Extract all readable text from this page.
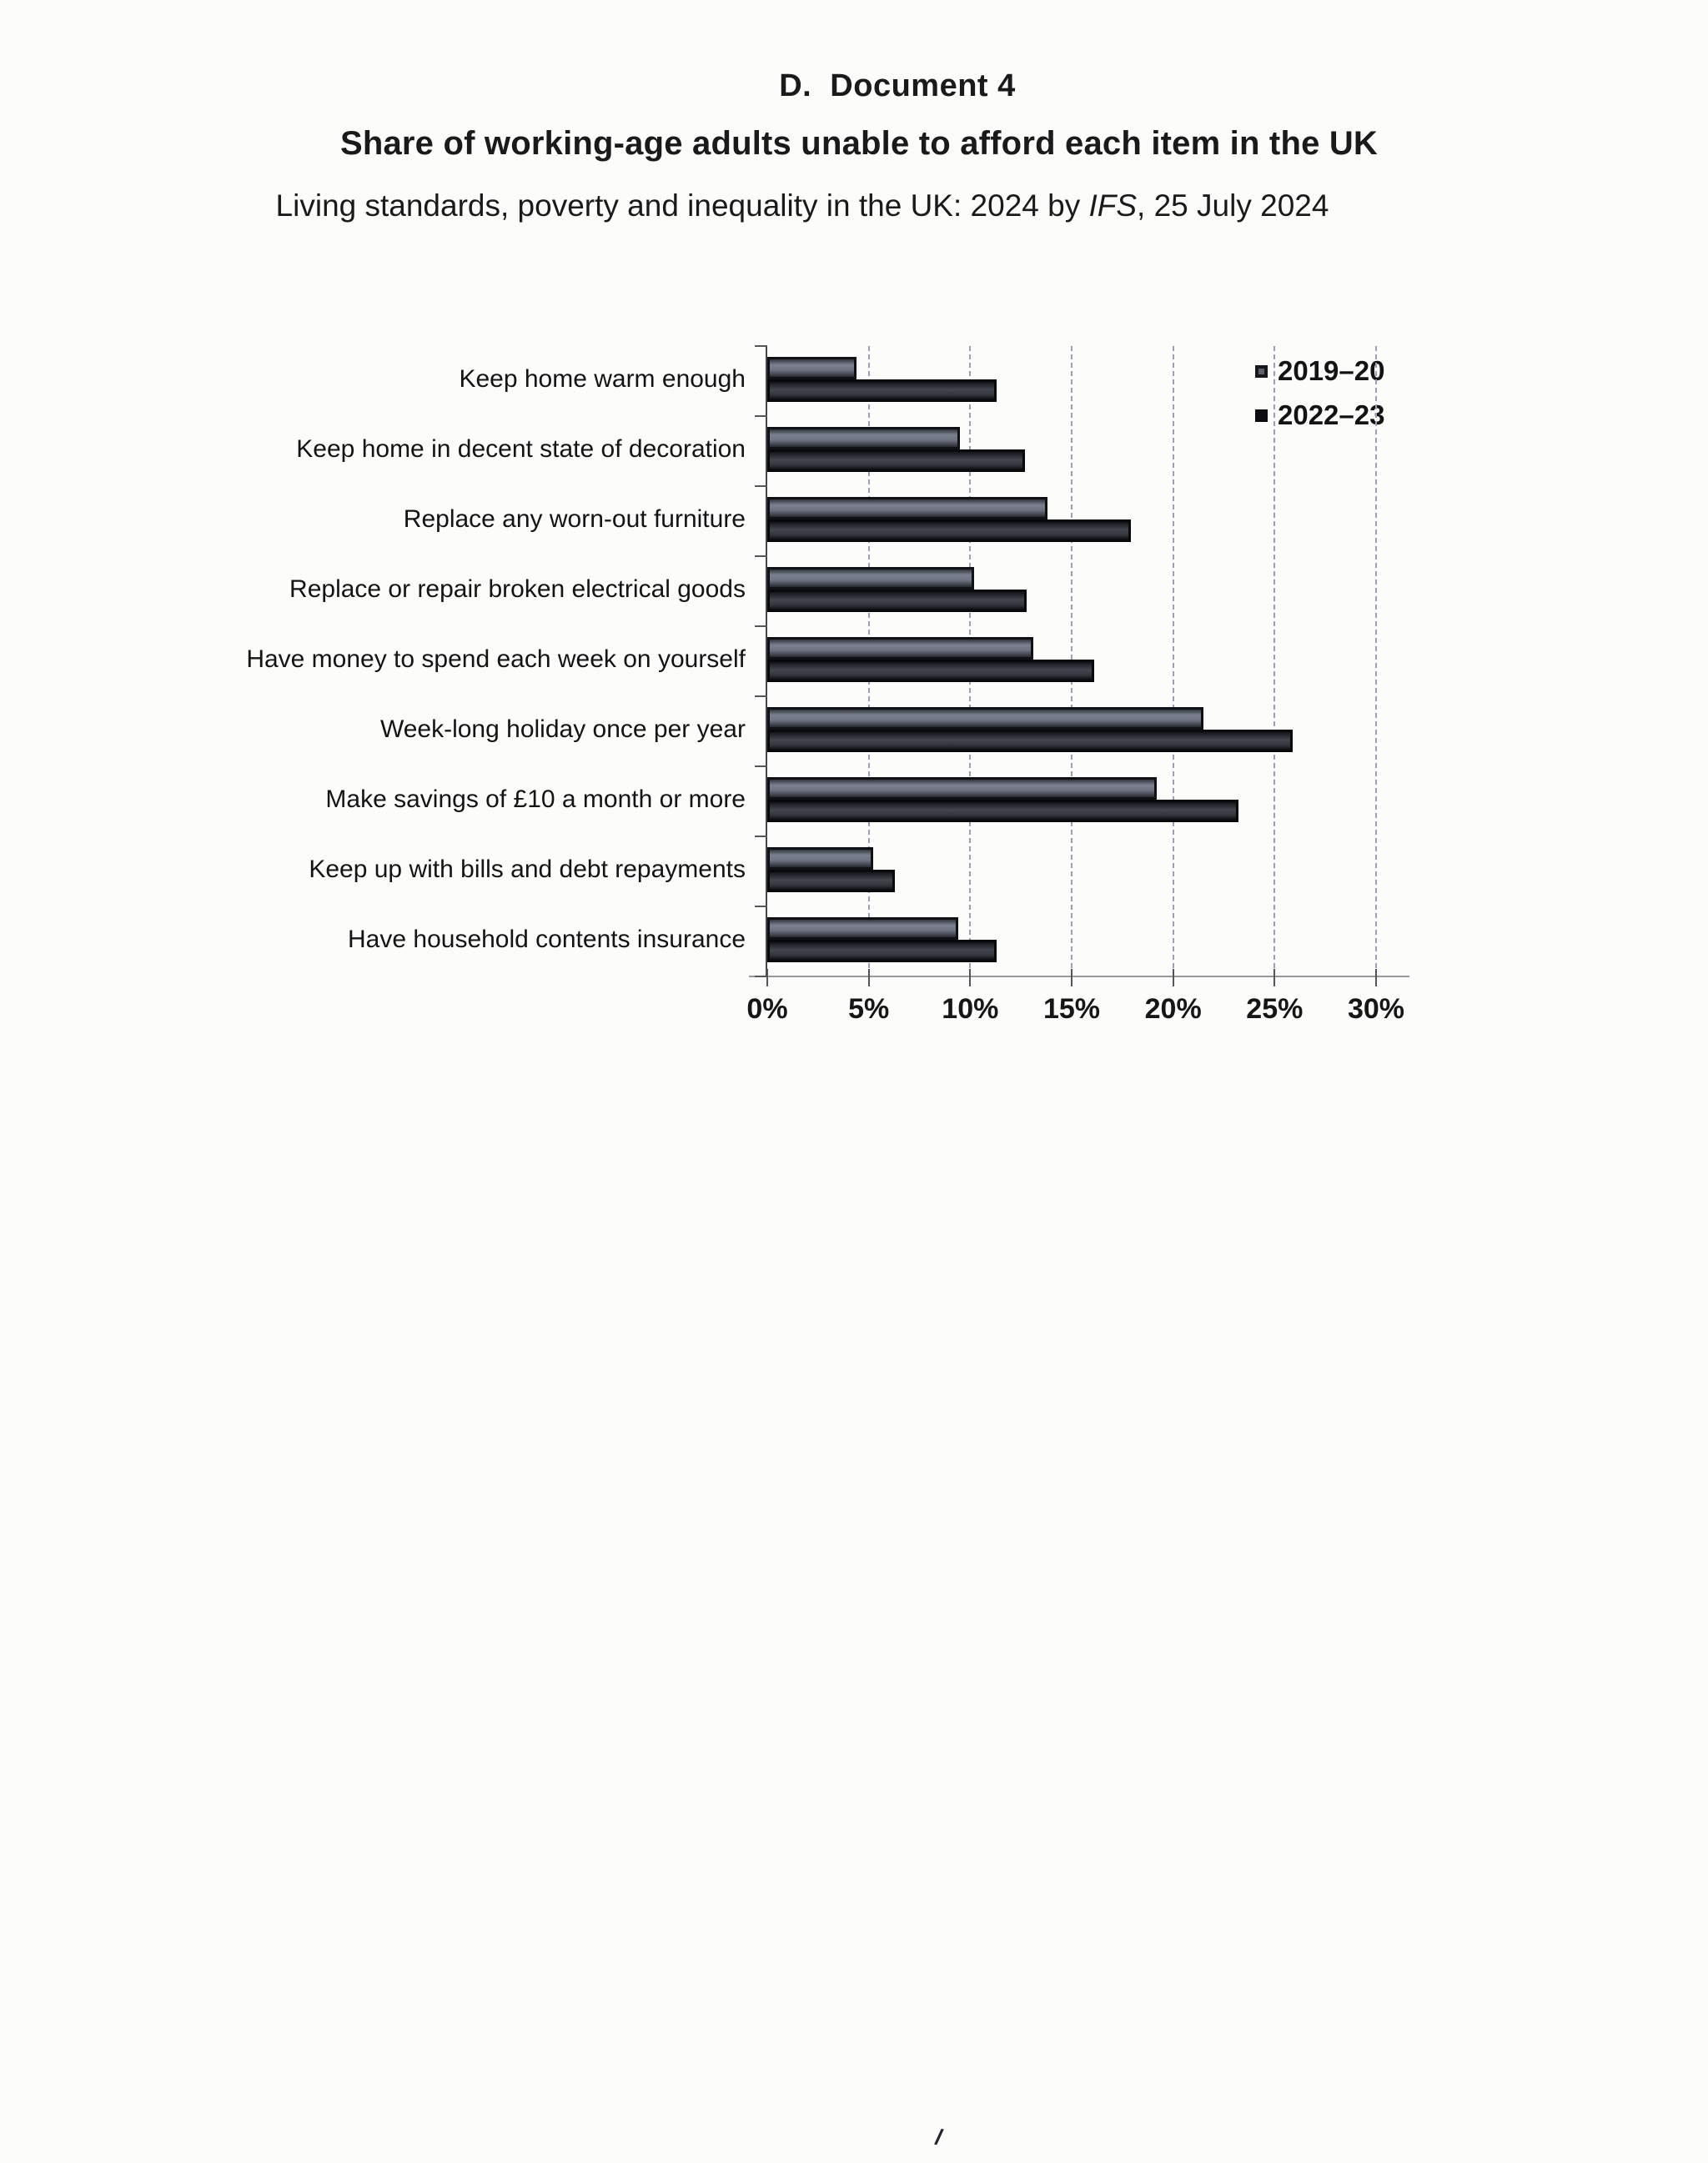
D.  Document 4
Share of working-age adults unable to afford each item in the UK

Living standards, poverty and inequality in the UK: 2024 by IFS, 25 July 2024

Keep home warm enough
Keep home in decent state of decoration
Replace any worn-out furniture
Replace or repair broken electrical goods
Have money to spend each week on yourself
Week-long holiday once per year
Make savings of £10 a month or more
Keep up with bills and debt repayments
Have household contents insurance
2019–20
2022–23
0%	5%	10%	15%	20%	25%	30%
/
